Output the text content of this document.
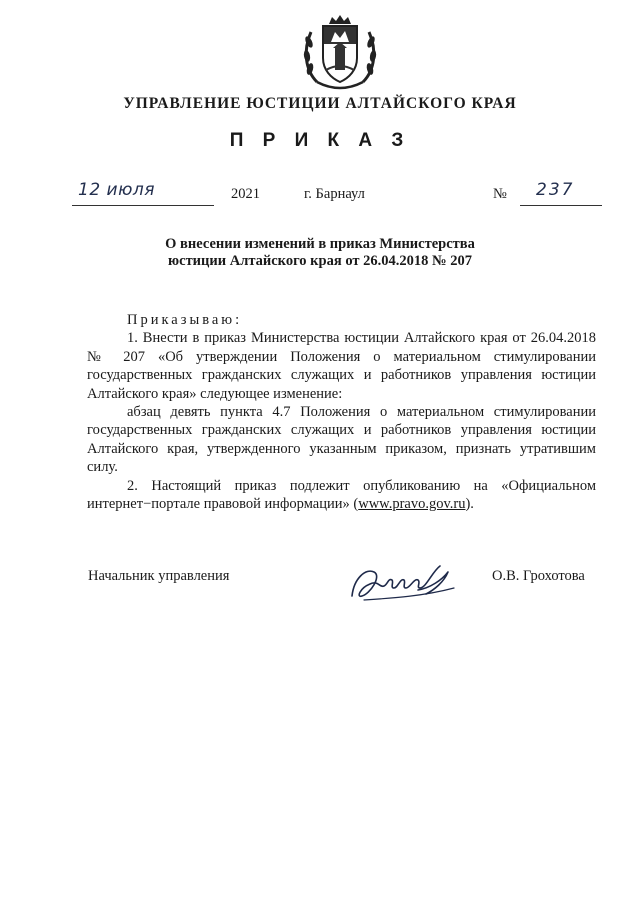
УПРАВЛЕНИЕ ЮСТИЦИИ АЛТАЙСКОГО КРАЯ
П Р И К А З
12 июля	2021	г. Барнаул	№ 237
О внесении изменений в приказ Министерства
юстиции Алтайского края от 26.04.2018 № 207

Приказываю:

1. Внести в приказ Министерства юстиции Алтайского края от 26.04.2018 № 207 «Об утверждении Положения о материальном стимулировании государственных гражданских служащих и работников управления юстиции Алтайского края» следующее изменение:

абзац девять пункта 4.7 Положения о материальном стимулировании государственных гражданских служащих и работников управления юстиции Алтайского края, утвержденного указанным приказом, признать утратившим силу.

2. Настоящий приказ подлежит опубликованию на «Официальном интернет−портале правовой информации» (www.pravo.gov.ru).

Начальник управления	О.В. Грохотова
